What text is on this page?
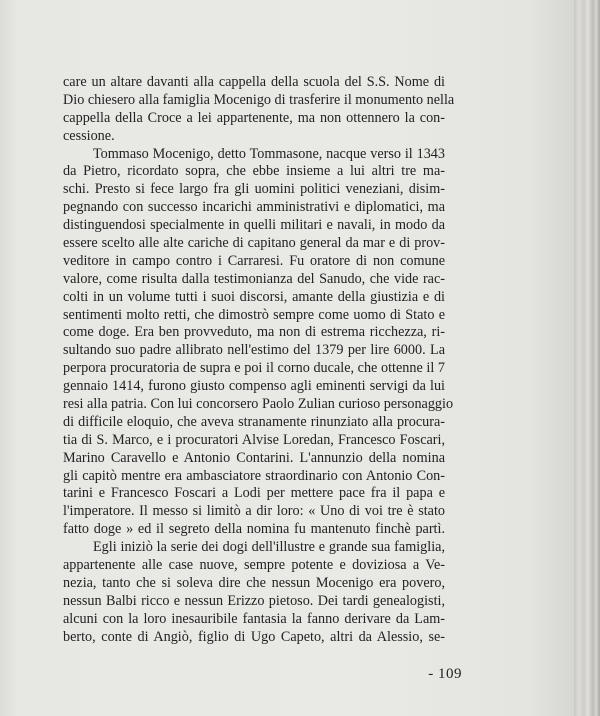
care un altare davanti alla cappella della scuola del S.S. Nome di
Dio chiesero alla famiglia Mocenigo di trasferire il monumento nella
cappella della Croce a lei appartenente, ma non ottennero la con-
cessione.
Tommaso Mocenigo, detto Tommasone, nacque verso il 1343
da Pietro, ricordato sopra, che ebbe insieme a lui altri tre ma-
schi. Presto si fece largo fra gli uomini politici veneziani, disim-
pegnando con successo incarichi amministrativi e diplomatici, ma
distinguendosi specialmente in quelli militari e navali, in modo da
essere scelto alle alte cariche di capitano general da mar e di prov-
veditore in campo contro i Carraresi. Fu oratore di non comune
valore, come risulta dalla testimonianza del Sanudo, che vide rac-
colti in un volume tutti i suoi discorsi, amante della giustizia e di
sentimenti molto retti, che dimostrò sempre come uomo di Stato e
come doge. Era ben provveduto, ma non di estrema ricchezza, ri-
sultando suo padre allibrato nell'estimo del 1379 per lire 6000. La
perpora procuratoria de supra e poi il corno ducale, che ottenne il 7
gennaio 1414, furono giusto compenso agli eminenti servigi da lui
resi alla patria. Con lui concorsero Paolo Zulian curioso personaggio
di difficile eloquio, che aveva stranamente rinunziato alla procura-
tia di S. Marco, e i procuratori Alvise Loredan, Francesco Foscari,
Marino Caravello e Antonio Contarini. L'annunzio della nomina
gli capitò mentre era ambasciatore straordinario con Antonio Con-
tarini e Francesco Foscari a Lodi per mettere pace fra il papa e
l'imperatore. Il messo si limitò a dir loro: « Uno di voi tre è stato
fatto doge » ed il segreto della nomina fu mantenuto finchè partì.
Egli iniziò la serie dei dogi dell'illustre e grande sua famiglia,
appartenente alle case nuove, sempre potente e doviziosa a Ve-
nezia, tanto che si soleva dire che nessun Mocenigo era povero,
nessun Balbi ricco e nessun Erizzo pietoso. Dei tardi genealogisti,
alcuni con la loro inesauribile fantasia la fanno derivare da Lam-
berto, conte di Angiò, figlio di Ugo Capeto, altri da Alessio, se-
- 109
